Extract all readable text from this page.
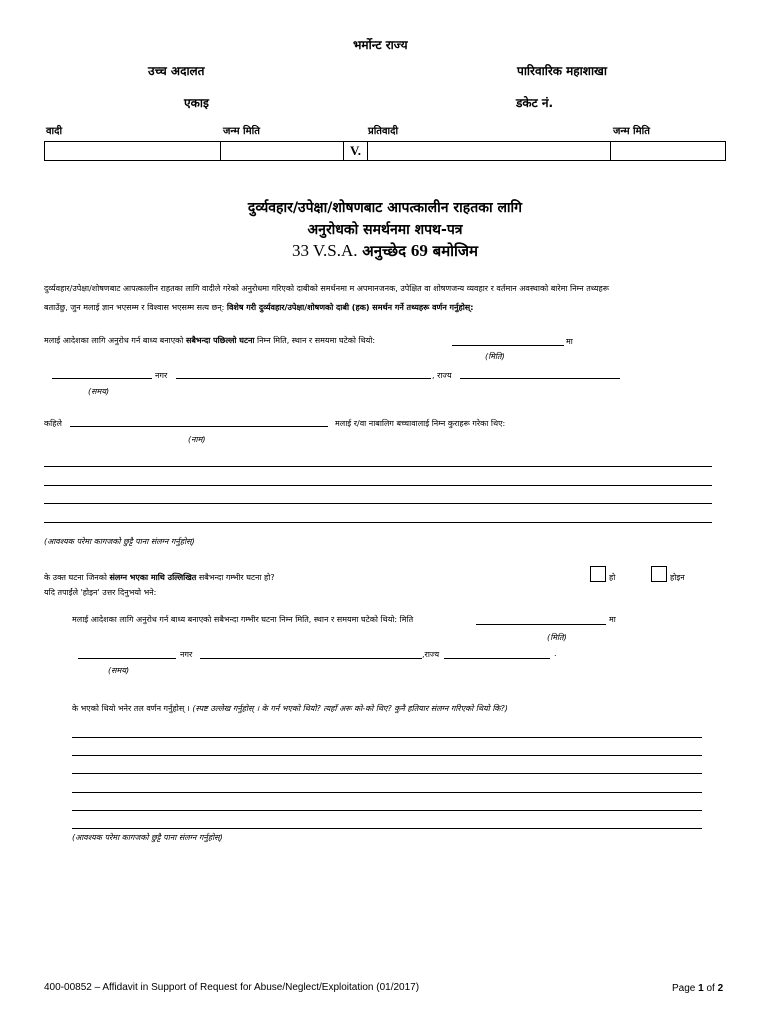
भर्मोन्ट राज्य
उच्च अदालत	पारिवारिक महाशाखा
एकाइ	डकेट नं.
वादी	जन्म मिति	प्रतिवादी	जन्म मिति
		V.		
दुर्व्यवहार/उपेक्षा/शोषणबाट आपत्कालीन राहतका लागि
अनुरोधको समर्थनमा शपथ-पत्र
33 V.S.A. अनुच्छेद 69 बमोजिम
दुर्व्यवहार/उपेक्षा/शोषणबाट आपत्कालीन राहतका लागि वादीले गरेको अनुरोधमा गरिएको दाबीको समर्थनमा म अपमानजनक, उपेक्षित वा शोषणजन्य व्यवहार र वर्तमान अवस्थाको बारेमा निम्न तथ्यहरू
बताउँछु, जुन मलाई ज्ञान भएसम्म र विश्वास भएसम्म सत्य छन्: विशेष गरी दुर्व्यवहार/उपेक्षा/शोषणको दाबी (हक) समर्थन गर्ने तथ्यहरू वर्णन गर्नुहोस्:
मलाई आदेशका लागि अनुरोध गर्न बाध्य बनाएको सबैभन्दा पछिल्लो घटना निम्न मिति, स्थान र समयमा घटेको थियो:	मा
(मिति)
नगर	, राज्य
(समय)
कहिले	मलाई र/वा नाबालिग बच्चावालाई निम्न कुराहरू गरेका थिए:
(नाम)
(आवश्यक परेमा कागजको छुट्टै पाना संलग्न गर्नुहोस्)
के उक्त घटना जिनको संलग्न भएका माथि उल्लिखित सबैभन्दा गम्भीर घटना हो?	हो	होइन
यदि तपाईंले 'होइन' उत्तर दिनुभयो भने:
मलाई आदेशका लागि अनुरोध गर्न बाध्य बनाएको सबैभन्दा गम्भीर घटना निम्न मिति, स्थान र समयमा घटेको थियो: मिति	मा
(मिति)
नगर	,राज्य	.
(समय)
के भएको थियो भनेर तल वर्णन गर्नुहोस् । (स्पष्ट उल्लेख गर्नुहोस् । के गर्न भएको थियो? त्यहाँ अरू को-को थिए? कुनै हतियार संलग्न गरिएको थियो कि?)
(आवश्यक परेमा कागजको छुट्टै पाना संलग्न गर्नुहोस्)
400-00852 – Affidavit in Support of Request for Abuse/Neglect/Exploitation (01/2017)	Page 1 of 2
